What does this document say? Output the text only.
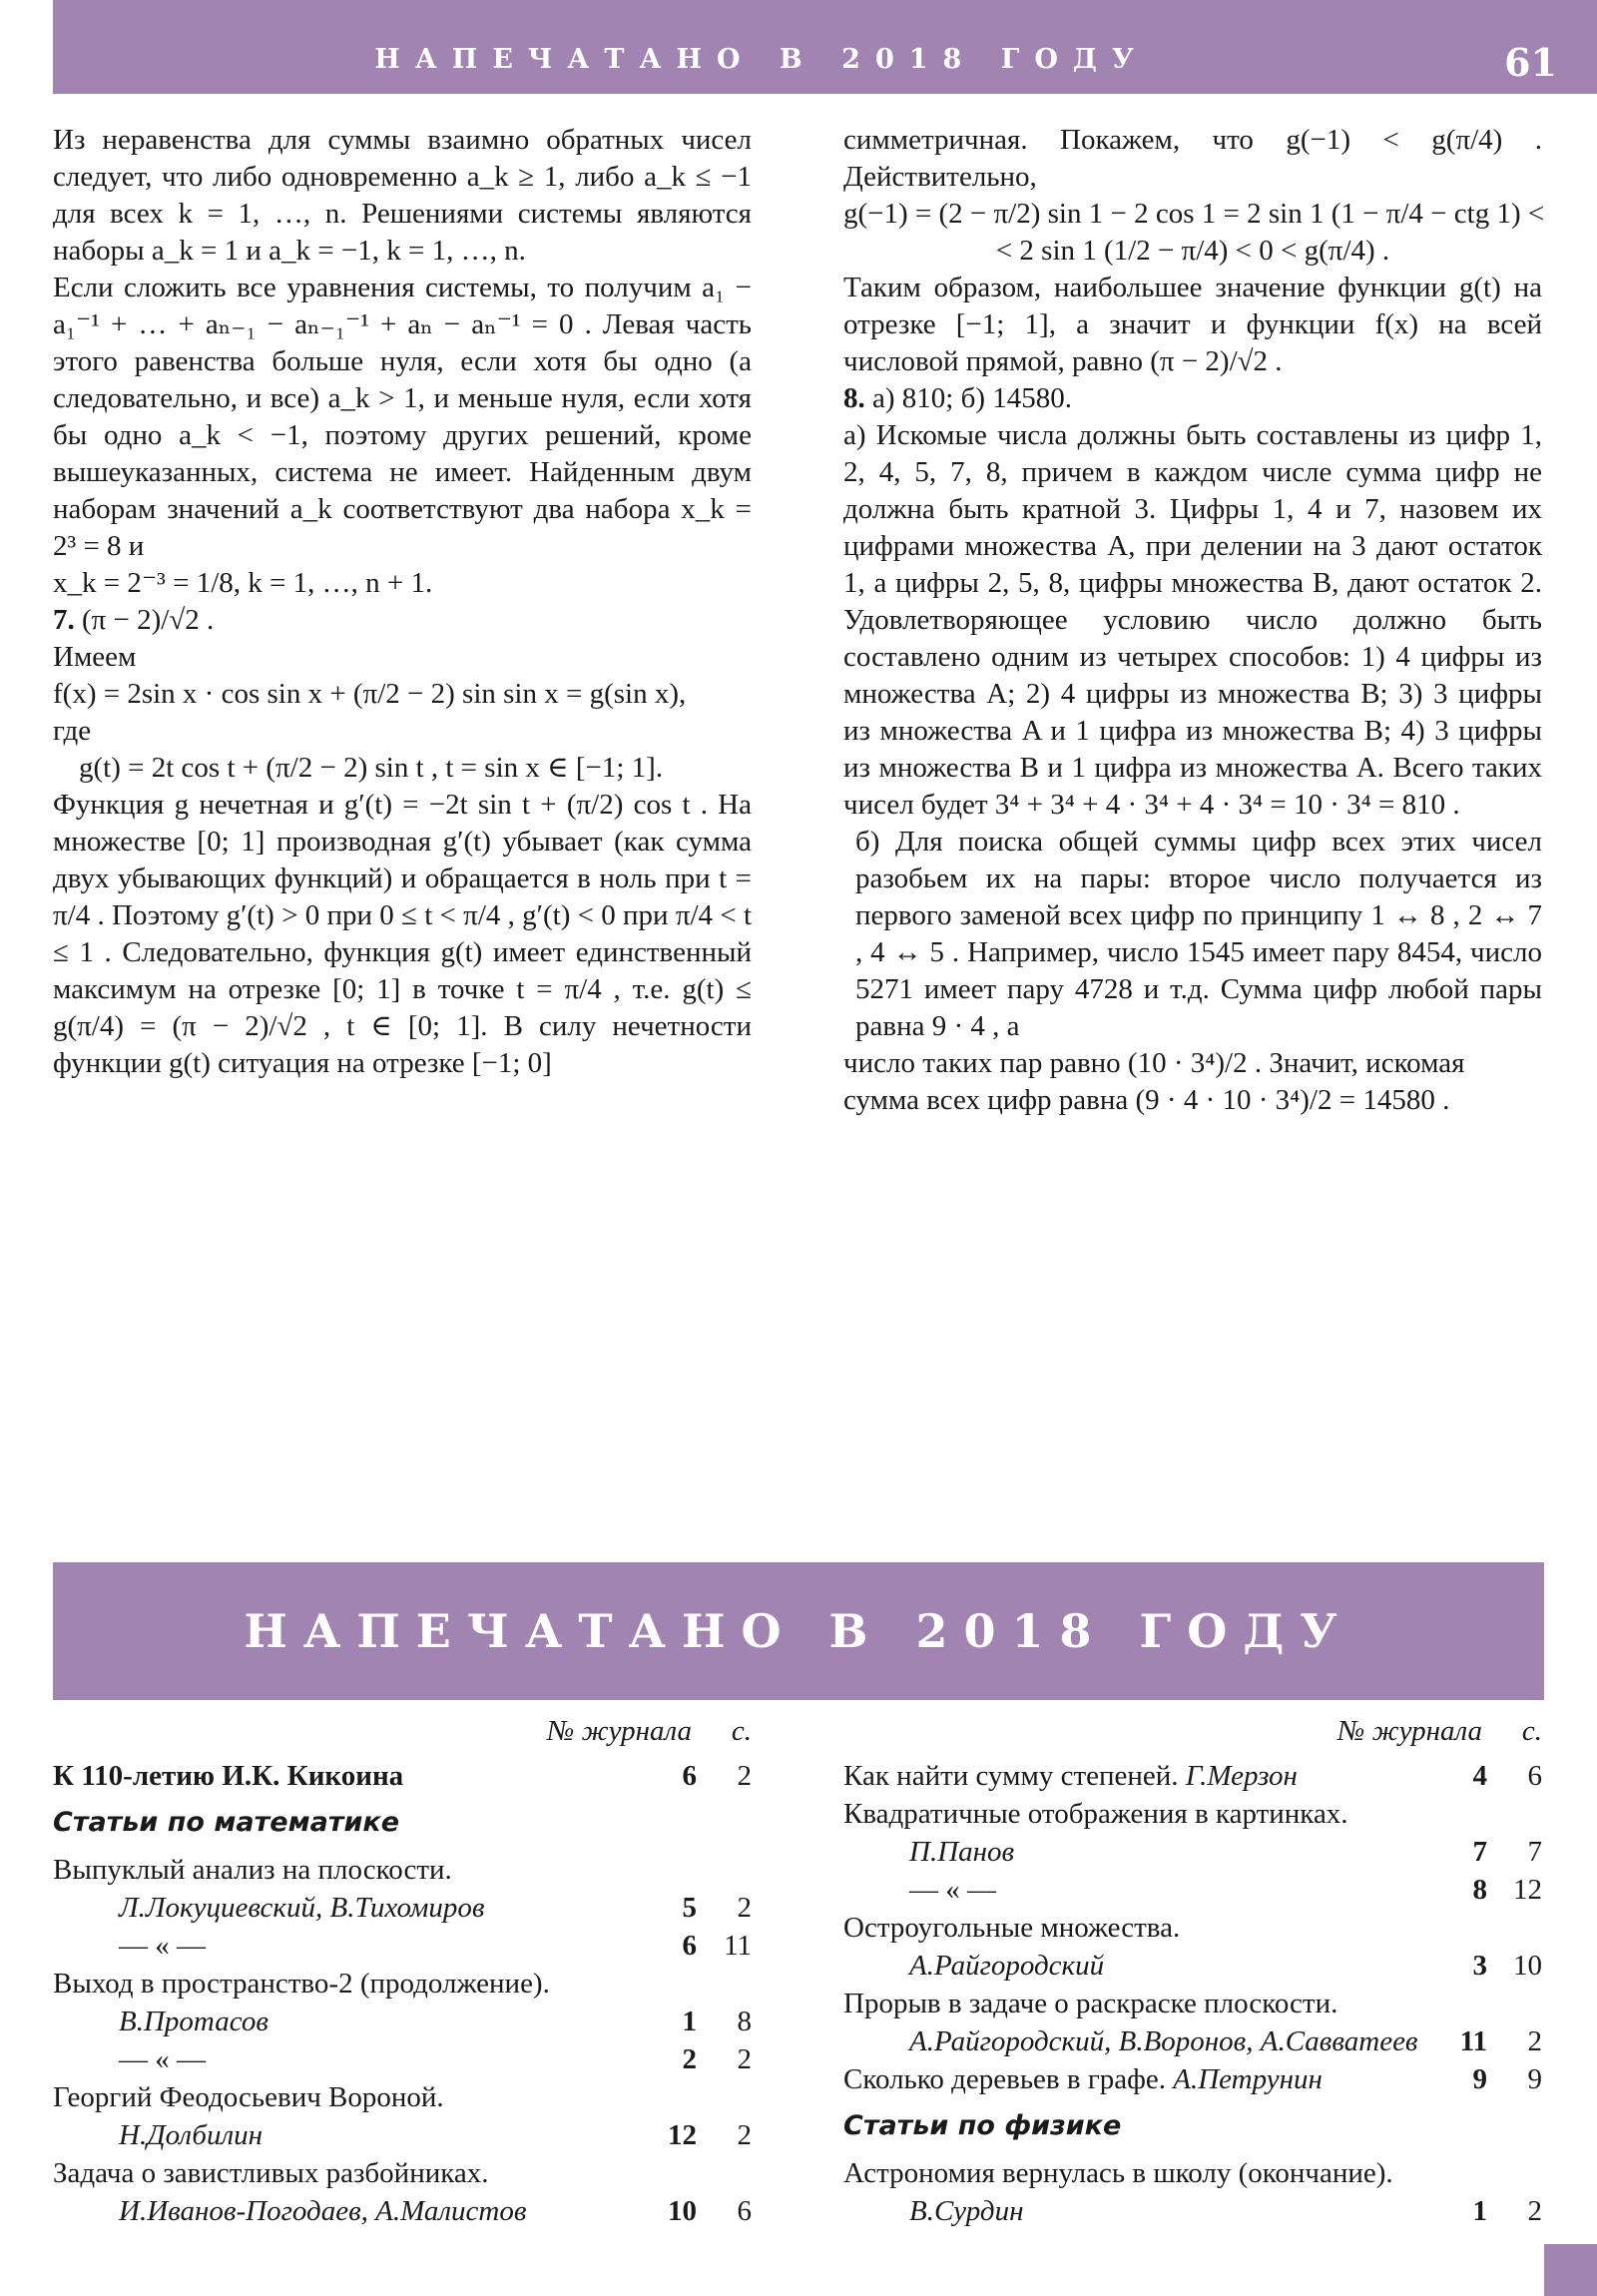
НАПЕЧАТАНО В 2018 ГОДУ	61

Из неравенства для суммы взаимно обратных чисел следует, что либо одновременно a_k ≥ 1, либо a_k ≤ −1 для всех k = 1, …, n. Решениями системы являются наборы a_k = 1 и a_k = −1, k = 1, …, n.

Если сложить все уравнения системы, то получим a₁ − a₁⁻¹ + … + aₙ₋₁ − aₙ₋₁⁻¹ + aₙ − aₙ⁻¹ = 0 . Левая часть этого равенства больше нуля, если хотя бы одно (а следовательно, и все) a_k > 1, и меньше нуля, если хотя бы одно a_k < −1, поэтому других решений, кроме вышеуказанных, система не имеет. Найденным двум наборам значений a_k соответствуют два набора x_k = 2³ = 8 и

x_k = 2⁻³ = 1/8, k = 1, …, n + 1.

7. (π − 2)/√2 .

Имеем

f(x) = 2sin x · cos sin x + (π/2 − 2) sin sin x = g(sin x),

где

g(t) = 2t cos t + (π/2 − 2) sin t , t = sin x ∈ [−1; 1].

Функция g нечетная и g′(t) = −2t sin t + (π/2) cos t . На множестве [0; 1] производная g′(t) убывает (как сумма двух убывающих функций) и обращается в ноль при t = π/4 . Поэтому g′(t) > 0 при 0 ≤ t < π/4 , g′(t) < 0 при π/4 < t ≤ 1 . Следовательно, функция g(t) имеет единственный максимум на отрезке [0; 1] в точке t = π/4 , т.е. g(t) ≤ g(π/4) = (π − 2)/√2 , t ∈ [0; 1]. В силу нечетности функции g(t) ситуация на отрезке [−1; 0]

симметричная. Покажем, что g(−1) < g(π/4) . Действительно,

g(−1) = (2 − π/2) sin 1 − 2 cos 1 = 2 sin 1 (1 − π/4 − ctg 1) <

< 2 sin 1 (1/2 − π/4) < 0 < g(π/4) .

Таким образом, наибольшее значение функции g(t) на отрезке [−1; 1], а значит и функции f(x) на всей числовой прямой, равно (π − 2)/√2 .

8. а) 810; б) 14580.

а) Искомые числа должны быть составлены из цифр 1, 2, 4, 5, 7, 8, причем в каждом числе сумма цифр не должна быть кратной 3. Цифры 1, 4 и 7, назовем их цифрами множества A, при делении на 3 дают остаток 1, а цифры 2, 5, 8, цифры множества B, дают остаток 2. Удовлетворяющее условию число должно быть составлено одним из четырех способов: 1) 4 цифры из множества A; 2) 4 цифры из множества B; 3) 3 цифры из множества A и 1 цифра из множества B; 4) 3 цифры из множества B и 1 цифра из множества A. Всего таких чисел будет 3⁴ + 3⁴ + 4 · 3⁴ + 4 · 3⁴ = 10 · 3⁴ = 810 .

б) Для поиска общей суммы цифр всех этих чисел разобьем их на пары: второе число получается из первого заменой всех цифр по принципу 1 ↔ 8 , 2 ↔ 7 , 4 ↔ 5 . Например, число 1545 имеет пару 8454, число 5271 имеет пару 4728 и т.д. Сумма цифр любой пары равна 9 · 4 , а

число таких пар равно (10 · 3⁴)/2 . Значит, искомая

сумма всех цифр равна (9 · 4 · 10 · 3⁴)/2 = 14580 .

НАПЕЧАТАНО В 2018 ГОДУ
№ журнала с.
К 110-летию И.К. Кикоина	6	2
Статьи по математике
Выпуклый анализ на плоскости.
Л.Локуциевский, В.Тихомиров	5	2
— « —	6 11
Выход в пространство-2 (продолжение).
В.Протасов	1	8
— « —	2	2
Георгий Феодосьевич Вороной.
Н.Долбилин	12	2
Задача о завистливых разбойниках.
И.Иванов-Погодаев, А.Малистов	10	6
№ журнала с.
Как найти сумму степеней. Г.Мерзон	4	6
Квадратичные отображения в картинках.
П.Панов	7	7
— « —	8 12
Остроугольные множества.
А.Райгородский	3 10
Прорыв в задаче о раскраске плоскости.
А.Райгородский, В.Воронов, А.Савватеев 11	2
Сколько деревьев в графе. А.Петрунин	9	9
Статьи по физике
Астрономия вернулась в школу (окончание).
В.Сурдин	1	2
